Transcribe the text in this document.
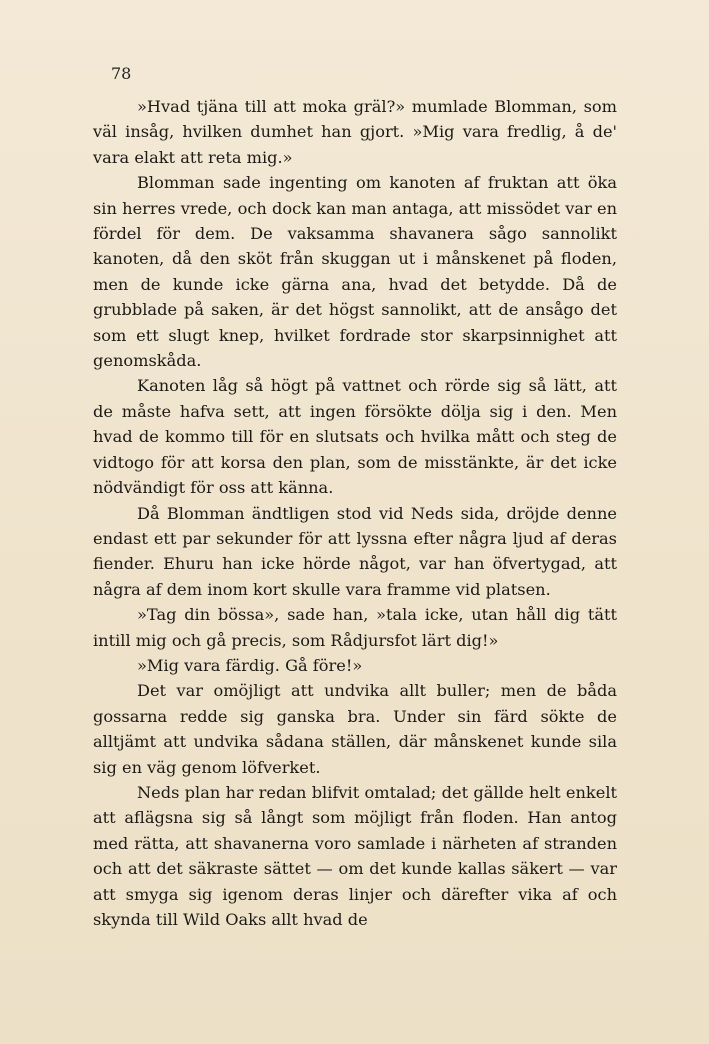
78

»Hvad tjäna till att moka gräl?» mumlade Blomman, som väl insåg, hvilken dumhet han gjort. »Mig vara fredlig, å de' vara elakt att reta mig.»

Blomman sade ingenting om kanoten af fruktan att öka sin herres vrede, och dock kan man antaga, att missödet var en fördel för dem. De vaksamma shavanera sågo sannolikt kanoten, då den sköt från skuggan ut i månskenet på floden, men de kunde icke gärna ana, hvad det betydde. Då de grubblade på saken, är det högst sannolikt, att de ansågo det som ett slugt knep, hvilket fordrade stor skarpsinnighet att genomskåda.

Kanoten låg så högt på vattnet och rörde sig så lätt, att de måste hafva sett, att ingen försökte dölja sig i den. Men hvad de kommo till för en slutsats och hvilka mått och steg de vidtogo för att korsa den plan, som de misstänkte, är det icke nödvändigt för oss att känna.

Då Blomman ändtligen stod vid Neds sida, dröjde denne endast ett par sekunder för att lyssna efter några ljud af deras fiender. Ehuru han icke hörde något, var han öfvertygad, att några af dem inom kort skulle vara framme vid platsen.

»Tag din bössa», sade han, »tala icke, utan håll dig tätt intill mig och gå precis, som Rådjursfot lärt dig!»

»Mig vara färdig. Gå före!»

Det var omöjligt att undvika allt buller; men de båda gossarna redde sig ganska bra. Under sin färd sökte de alltjämt att undvika sådana ställen, där månskenet kunde sila sig en väg genom löfverket.

Neds plan har redan blifvit omtalad; det gällde helt enkelt att aflägsna sig så långt som möjligt från floden. Han antog med rätta, att shavanerna voro samlade i närheten af stranden och att det säkraste sättet — om det kunde kallas säkert — var att smyga sig igenom deras linjer och därefter vika af och skynda till Wild Oaks allt hvad de
